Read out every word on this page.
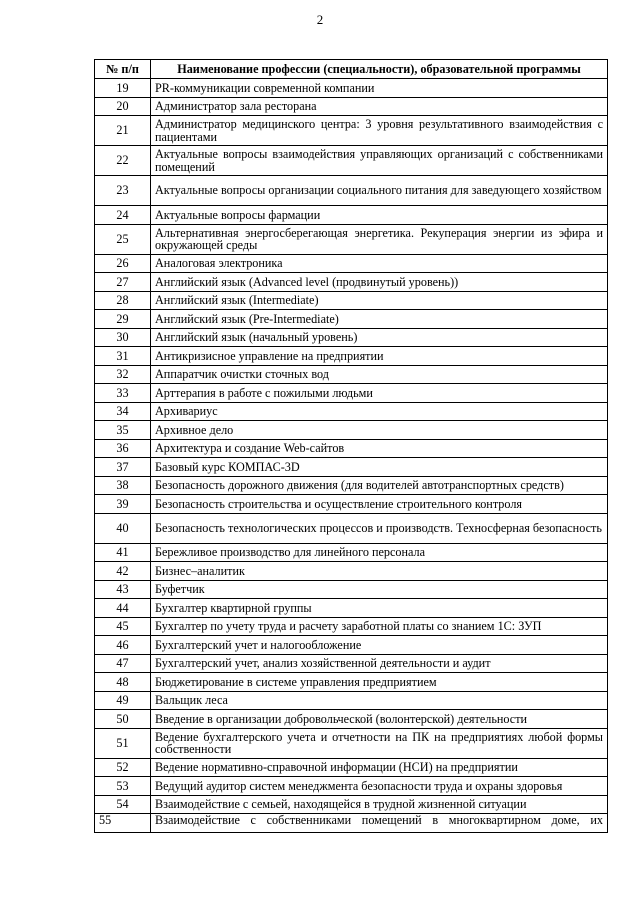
2
№ п/п	Наименование профессии (специальности), образовательной программы
19	PR-коммуникации современной компании
20	Администратор зала ресторана
21	Администратор медицинского центра: 3 уровня результативного взаимодействия с пациентами
22	Актуальные вопросы взаимодействия управляющих организаций с собственниками помещений
23	Актуальные вопросы организации социального питания для заведующего хозяйством
24	Актуальные вопросы фармации
25	Альтернативная энергосберегающая энергетика. Рекуперация энергии из эфира и окружающей среды
26	Аналоговая электроника
27	Английский язык (Advanced level (продвинутый уровень))
28	Английский язык (Intermediate)
29	Английский язык (Pre-Intermediate)
30	Английский язык (начальный уровень)
31	Антикризисное управление на предприятии
32	Аппаратчик очистки сточных вод
33	Арттерапия в работе с пожилыми людьми
34	Архивариус
35	Архивное дело
36	Архитектура и создание Web-сайтов
37	Базовый курс КОМПАС-3D
38	Безопасность дорожного движения (для водителей автотранспортных средств)
39	Безопасность строительства и осуществление строительного контроля
40	Безопасность технологических процессов и производств. Техносферная безопасность
41	Бережливое производство для линейного персонала
42	Бизнес–аналитик
43	Буфетчик
44	Бухгалтер квартирной группы
45	Бухгалтер по учету труда и расчету заработной платы со знанием 1С: ЗУП
46	Бухгалтерский учет и налогообложение
47	Бухгалтерский учет, анализ хозяйственной деятельности и аудит
48	Бюджетирование в системе управления предприятием
49	Вальщик леса
50	Введение в организации добровольческой (волонтерской) деятельности
51	Ведение бухгалтерского учета и отчетности на ПК на предприятиях любой формы собственности
52	Ведение нормативно-справочной информации (НСИ) на предприятии
53	Ведущий аудитор систем менеджмента безопасности труда и охраны здоровья
54	Взаимодействие с семьей, находящейся в трудной жизненной ситуации
55	Взаимодействие с собственниками помещений в многоквартирном доме, их
